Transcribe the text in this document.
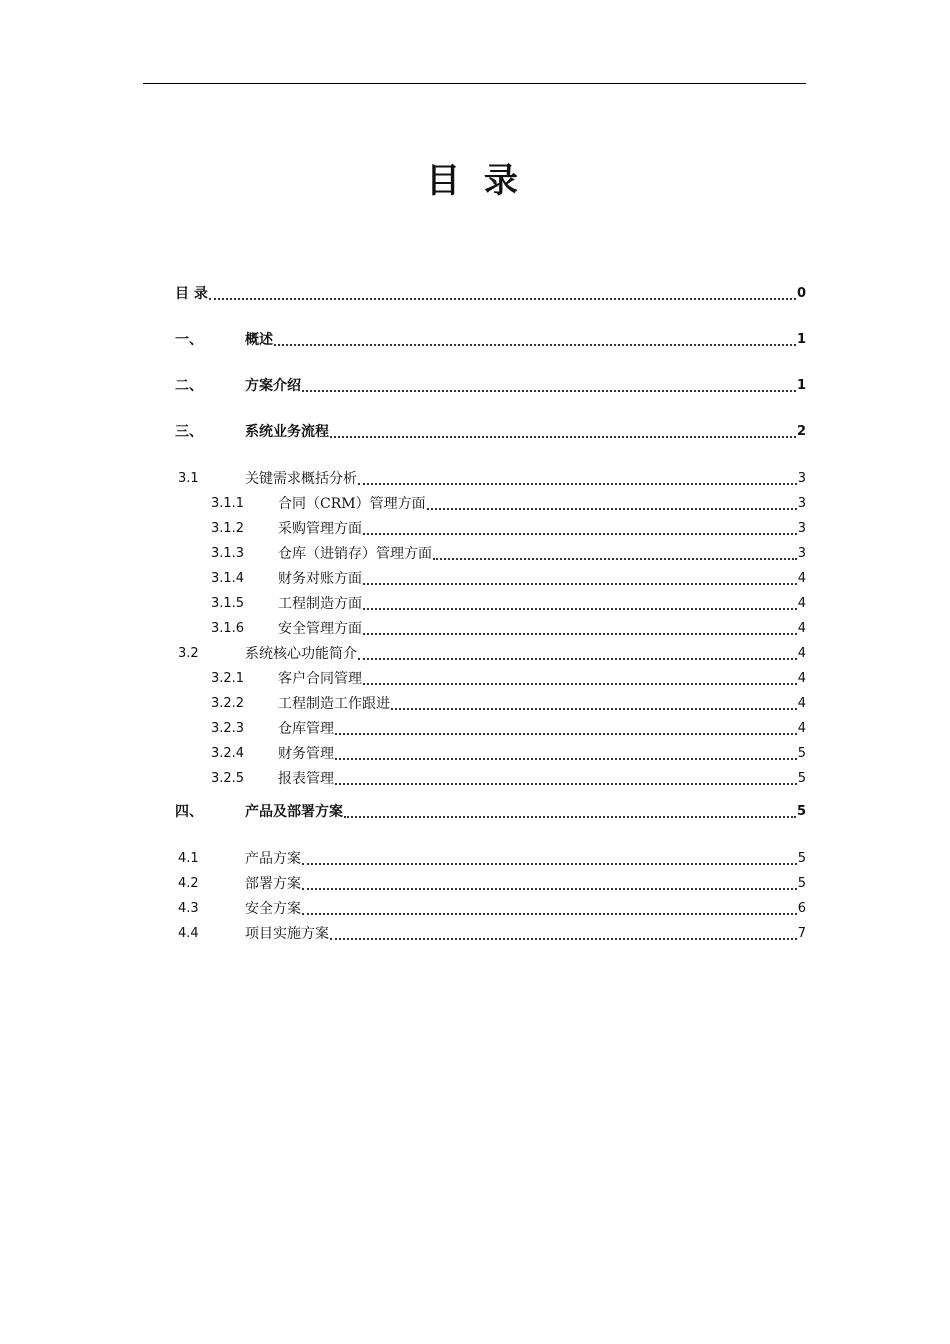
目 录
目 录	0
一、	概述	1
二、	方案介绍	1
三、	系统业务流程	2
3.1	关键需求概括分析	3
3.1.1	合同（CRM）管理方面	3
3.1.2	采购管理方面	3
3.1.3	仓库（进销存）管理方面	3
3.1.4	财务对账方面	4
3.1.5	工程制造方面	4
3.1.6	安全管理方面	4
3.2	系统核心功能简介	4
3.2.1	客户合同管理	4
3.2.2	工程制造工作跟进	4
3.2.3	仓库管理	4
3.2.4	财务管理	5
3.2.5	报表管理	5
四、	产品及部署方案	5
4.1	产品方案	5
4.2	部署方案	5
4.3	安全方案	6
4.4	项目实施方案	7
